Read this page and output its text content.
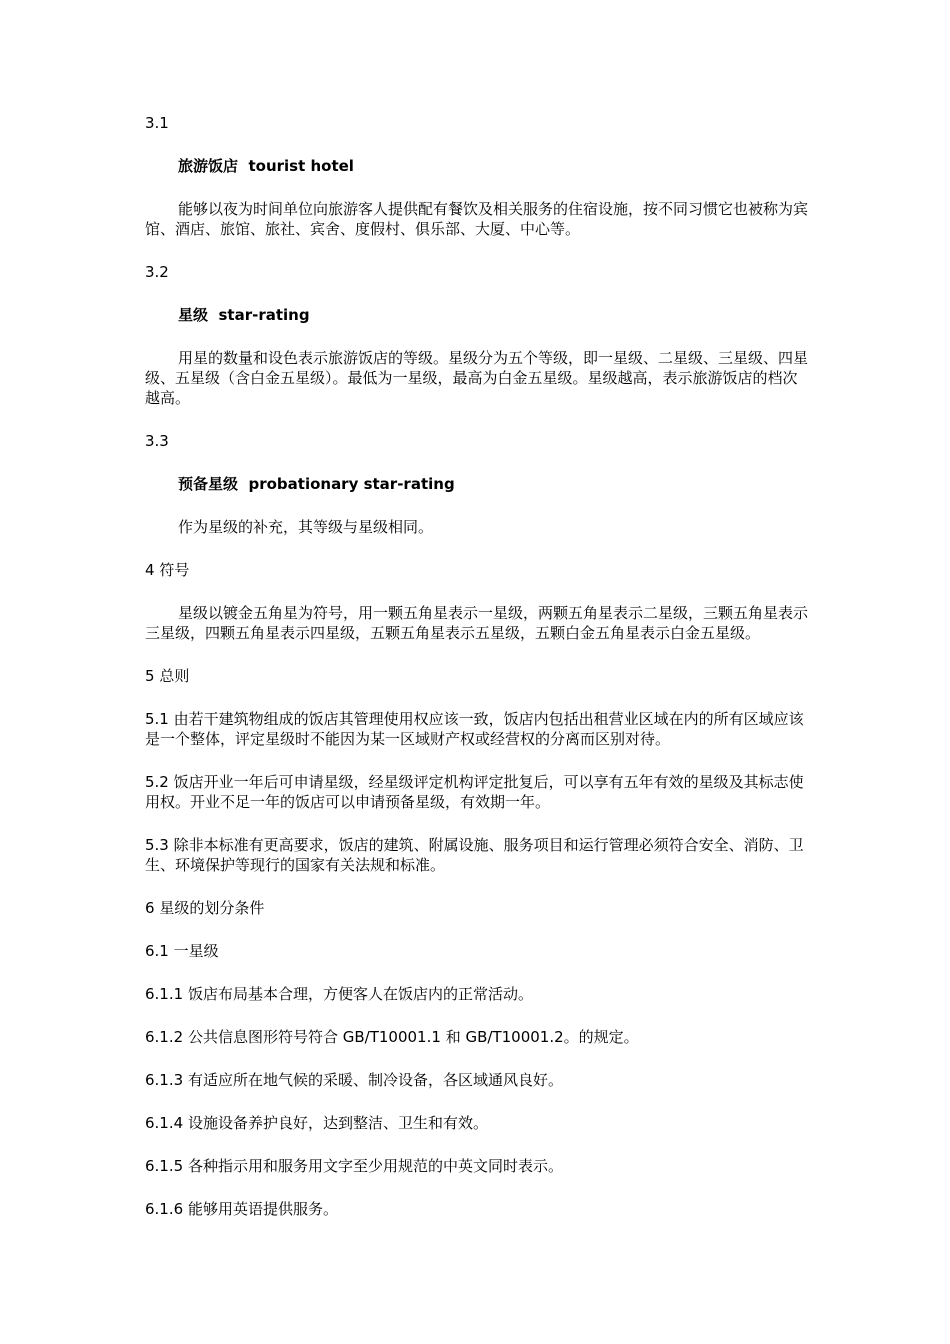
3.1

旅游饭店 tourist hotel

能够以夜为时间单位向旅游客人提供配有餐饮及相关服务的住宿设施，按不同习惯它也被称为宾馆、酒店、旅馆、旅社、宾舍、度假村、俱乐部、大厦、中心等。

3.2

星级 star-rating

用星的数量和设色表示旅游饭店的等级。星级分为五个等级，即一星级、二星级、三星级、四星级、五星级（含白金五星级）。最低为一星级，最高为白金五星级。星级越高，表示旅游饭店的档次越高。

3.3

预备星级 probationary star-rating

作为星级的补充，其等级与星级相同。

4 符号

星级以镀金五角星为符号，用一颗五角星表示一星级，两颗五角星表示二星级，三颗五角星表示三星级，四颗五角星表示四星级，五颗五角星表示五星级，五颗白金五角星表示白金五星级。

5 总则

5.1 由若干建筑物组成的饭店其管理使用权应该一致，饭店内包括出租营业区域在内的所有区域应该是一个整体，评定星级时不能因为某一区域财产权或经营权的分离而区别对待。

5.2 饭店开业一年后可申请星级，经星级评定机构评定批复后，可以享有五年有效的星级及其标志使用权。开业不足一年的饭店可以申请预备星级，有效期一年。

5.3 除非本标准有更高要求，饭店的建筑、附属设施、服务项目和运行管理必须符合安全、消防、卫生、环境保护等现行的国家有关法规和标准。

6 星级的划分条件

6.1 一星级

6.1.1 饭店布局基本合理，方便客人在饭店内的正常活动。

6.1.2 公共信息图形符号符合 GB/T10001.1 和 GB/T10001.2。的规定。

6.1.3 有适应所在地气候的采暖、制冷设备，各区域通风良好。

6.1.4 设施设备养护良好，达到整洁、卫生和有效。

6.1.5 各种指示用和服务用文字至少用规范的中英文同时表示。

6.1.6 能够用英语提供服务。
